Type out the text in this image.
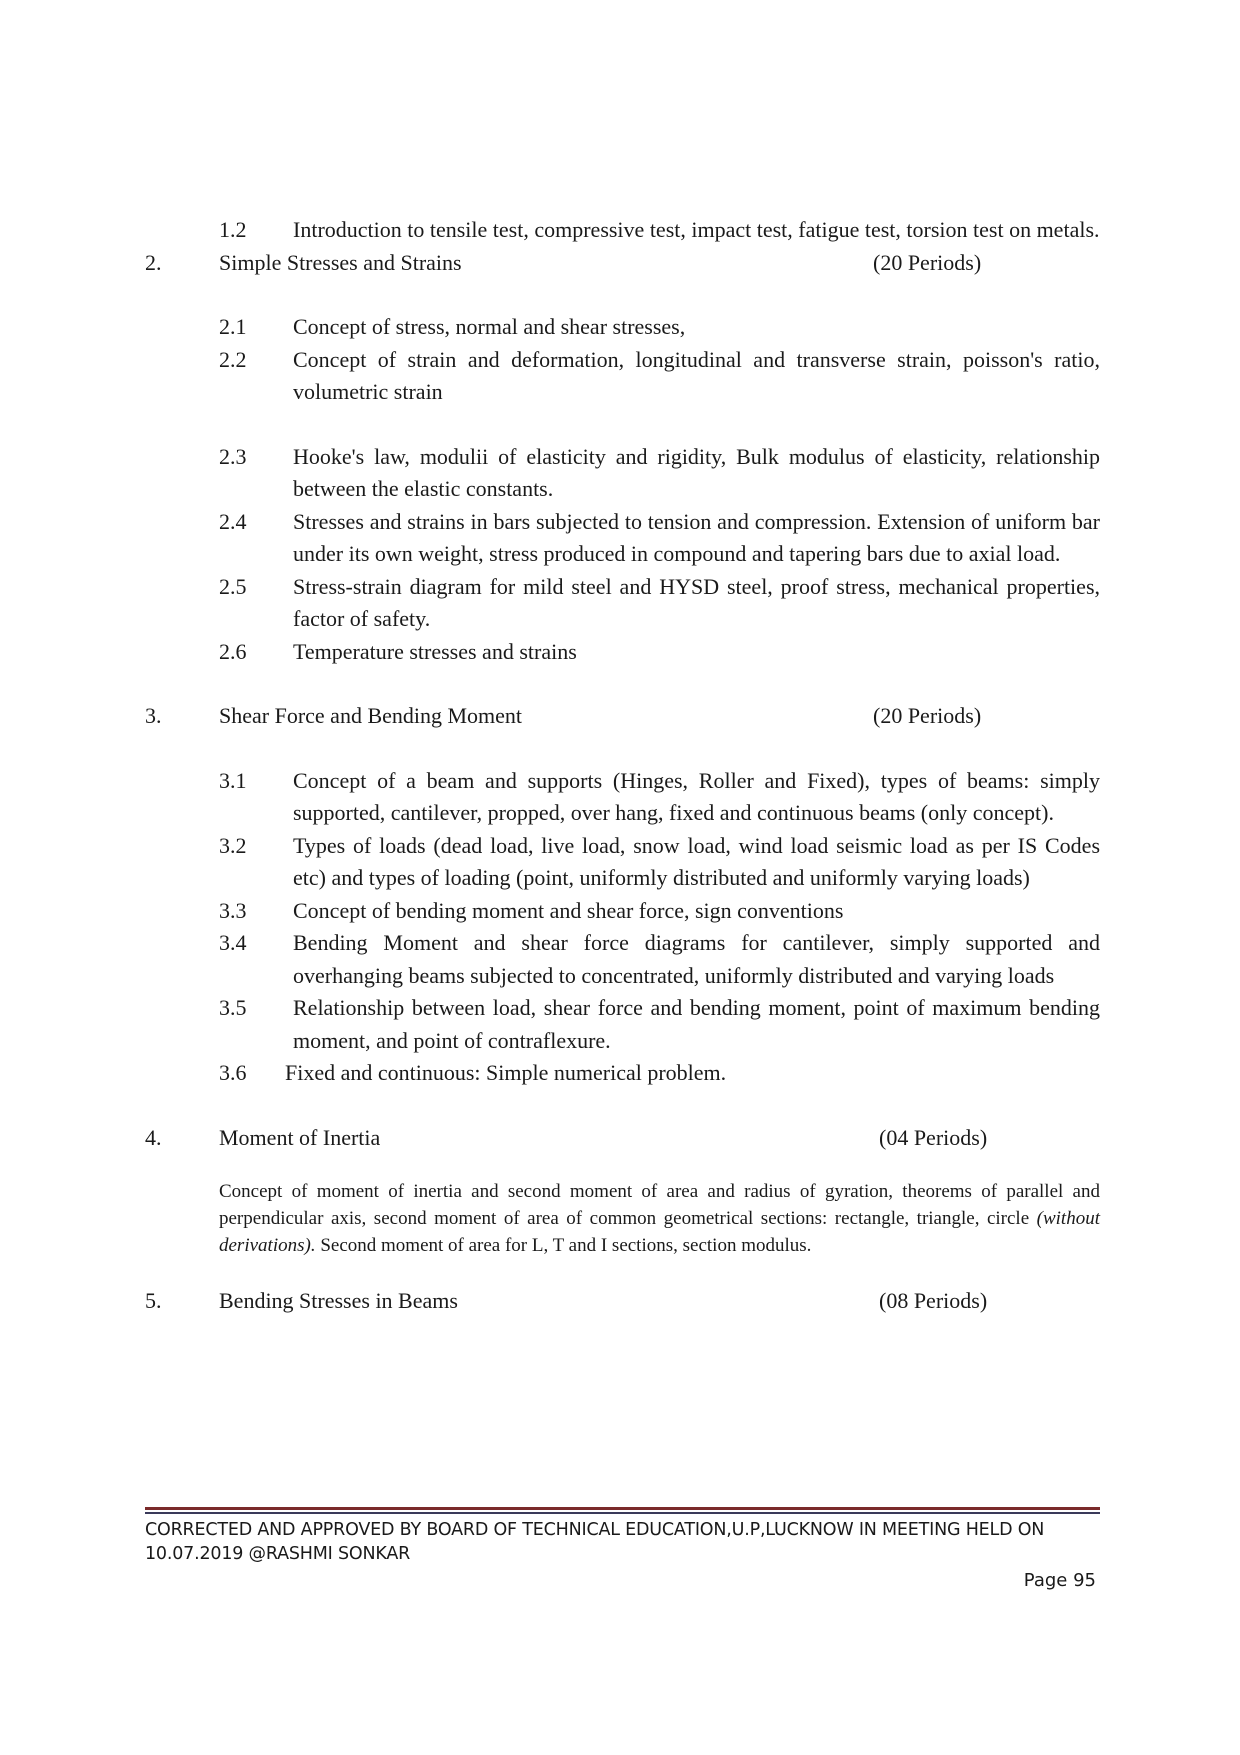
1.2	Introduction to tensile test, compressive test, impact test, fatigue test, torsion test on metals.
2.	Simple Stresses and Strains	(20 Periods)
2.1	Concept of stress, normal and shear stresses,
2.2	Concept of strain and deformation, longitudinal and transverse strain, poisson's ratio, volumetric strain
2.3	Hooke's law, modulii of elasticity and rigidity, Bulk modulus of elasticity, relationship between the elastic constants.
2.4	Stresses and strains in bars subjected to tension and compression. Extension of uniform bar under its own weight, stress produced in compound and tapering bars due to axial load.
2.5	Stress-strain diagram for mild steel and HYSD steel, proof stress, mechanical properties, factor of safety.
2.6	Temperature stresses and strains
3.	Shear Force and Bending Moment	(20 Periods)
3.1	Concept of a beam and supports (Hinges, Roller and Fixed), types of beams: simply supported, cantilever, propped, over hang, fixed and continuous beams (only concept).
3.2	Types of loads (dead load, live load, snow load, wind load seismic load as per IS Codes etc) and types of loading (point, uniformly distributed and uniformly varying loads)
3.3	Concept of bending moment and shear force, sign conventions
3.4	Bending Moment and shear force diagrams for cantilever, simply supported and overhanging beams subjected to concentrated, uniformly distributed and varying loads
3.5	Relationship between load, shear force and bending moment, point of maximum bending moment, and point of contraflexure.
3.6	Fixed and continuous: Simple numerical problem.
4.	Moment of Inertia	(04 Periods)
Concept of moment of inertia and second moment of area and radius of gyration, theorems of parallel and perpendicular axis, second moment of area of common geometrical sections: rectangle, triangle, circle (without derivations). Second moment of area for L, T and I sections, section modulus.
5.	Bending Stresses in Beams	(08 Periods)
CORRECTED AND APPROVED BY BOARD OF TECHNICAL EDUCATION,U.P,LUCKNOW IN MEETING HELD ON
10.07.2019 @RASHMI SONKAR
Page 95
